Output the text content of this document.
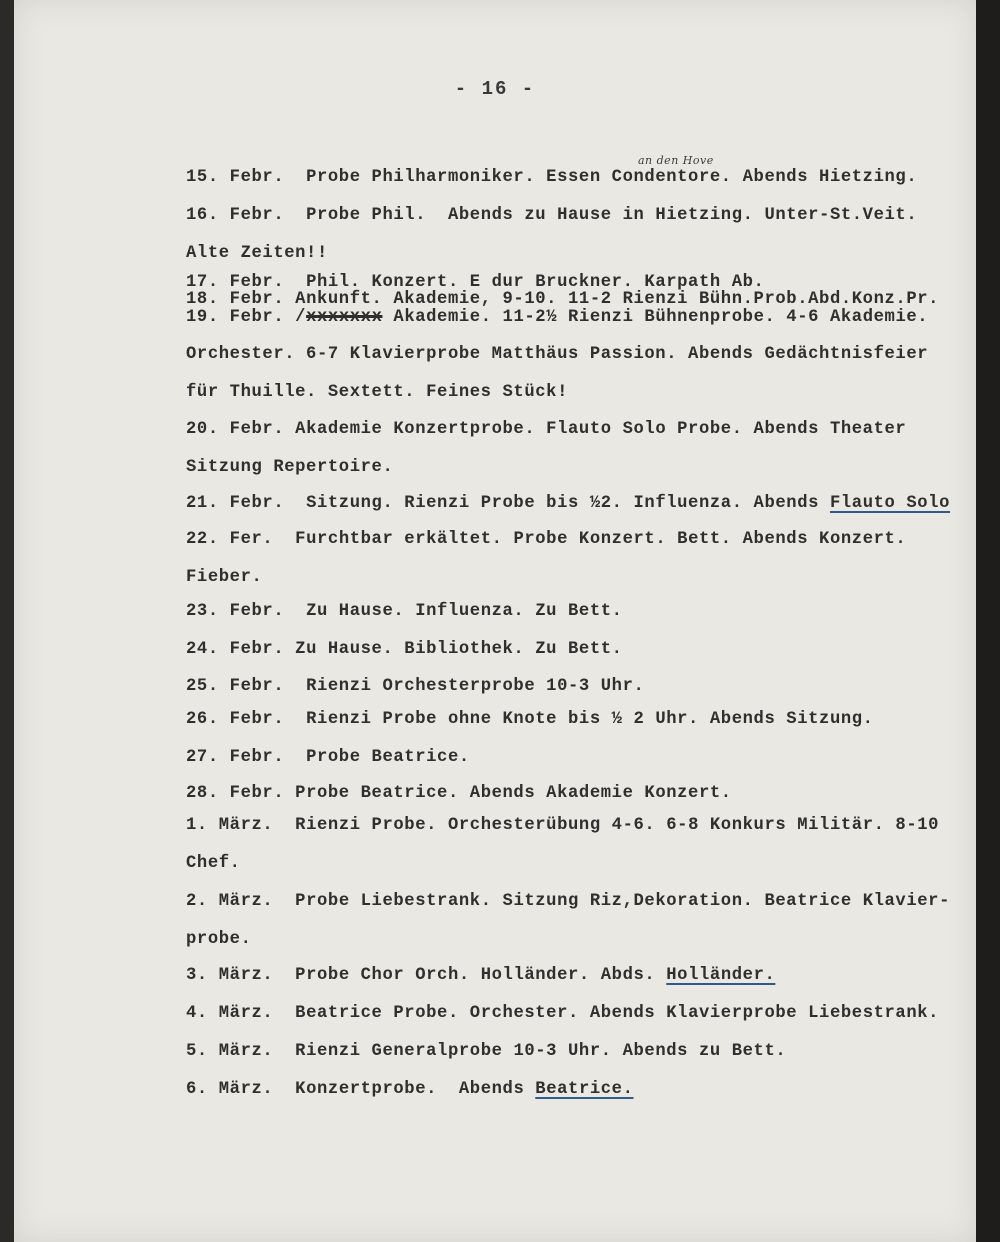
- 16 -
an den Hove
15. Febr.  Probe Philharmoniker. Essen Condentore. Abends Hietzing.
16. Febr.  Probe Phil.  Abends zu Hause in Hietzing. Unter-St.Veit.
Alte Zeiten!!
17. Febr.  Phil. Konzert. E dur Bruckner. Karpath Ab.
18. Febr. Ankunft. Akademie, 9-10. 11-2 Rienzi Bühn.Prob.Abd.Konz.Pr.
19. Febr. /xxxxxxx Akademie. 11-2½ Rienzi Bühnenprobe. 4-6 Akademie.
Orchester. 6-7 Klavierprobe Matthäus Passion. Abends Gedächtnisfeier
für Thuille. Sextett. Feines Stück!
20. Febr. Akademie Konzertprobe. Flauto Solo Probe. Abends Theater
Sitzung Repertoire.
21. Febr.  Sitzung. Rienzi Probe bis ½2. Influenza. Abends Flauto Solo
22. Fer.  Furchtbar erkältet. Probe Konzert. Bett. Abends Konzert.
Fieber.
23. Febr.  Zu Hause. Influenza. Zu Bett.
24. Febr. Zu Hause. Bibliothek. Zu Bett.
25. Febr.  Rienzi Orchesterprobe 10-3 Uhr.
26. Febr.  Rienzi Probe ohne Knote bis ½ 2 Uhr. Abends Sitzung.
27. Febr.  Probe Beatrice.
28. Febr. Probe Beatrice. Abends Akademie Konzert.
1. März.  Rienzi Probe. Orchesterübung 4-6. 6-8 Konkurs Militär. 8-10
Chef.
2. März.  Probe Liebestrank. Sitzung Riz,Dekoration. Beatrice Klavier-
probe.
3. März.  Probe Chor Orch. Holländer. Abds. Holländer.
4. März.  Beatrice Probe. Orchester. Abends Klavierprobe Liebestrank.
5. März.  Rienzi Generalprobe 10-3 Uhr. Abends zu Bett.
6. März.  Konzertprobe.  Abends Beatrice.
